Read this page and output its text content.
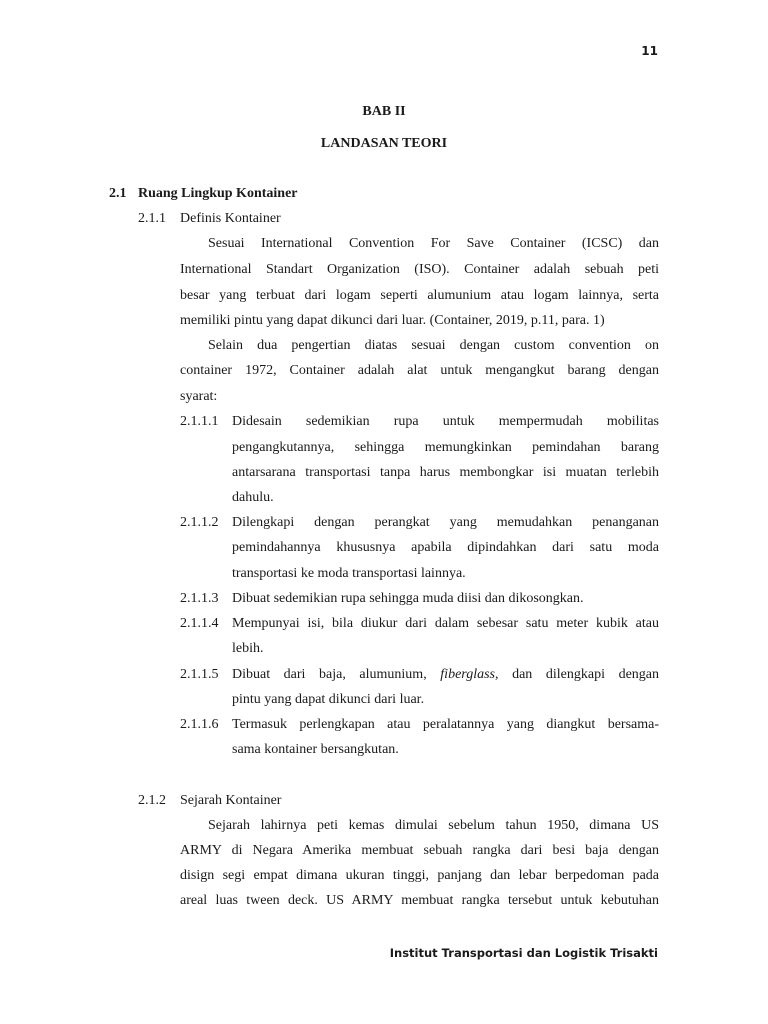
11
BAB II
LANDASAN TEORI
2.1 Ruang Lingkup Kontainer
2.1.1 Definis Kontainer
Sesuai International Convention For Save Container (ICSC) dan
International Standart Organization (ISO). Container adalah sebuah peti
besar yang terbuat dari logam seperti alumunium atau logam lainnya, serta
memiliki pintu yang dapat dikunci dari luar. (Container, 2019, p.11, para. 1)
Selain dua pengertian diatas sesuai dengan custom convention on
container 1972, Container adalah alat untuk mengangkut barang dengan
syarat:
2.1.1.1 Didesain sedemikian rupa untuk mempermudah mobilitas
pengangkutannya, sehingga memungkinkan pemindahan barang
antarsarana transportasi tanpa harus membongkar isi muatan terlebih
dahulu.
2.1.1.2 Dilengkapi dengan perangkat yang memudahkan penanganan
pemindahannya khususnya apabila dipindahkan dari satu moda
transportasi ke moda transportasi lainnya.
2.1.1.3 Dibuat sedemikian rupa sehingga muda diisi dan dikosongkan.
2.1.1.4 Mempunyai isi, bila diukur dari dalam sebesar satu meter kubik atau
lebih.
2.1.1.5 Dibuat dari baja, alumunium, fiberglass, dan dilengkapi dengan
pintu yang dapat dikunci dari luar.
2.1.1.6 Termasuk perlengkapan atau peralatannya yang diangkut bersama-
sama kontainer bersangkutan.
2.1.2 Sejarah Kontainer
Sejarah lahirnya peti kemas dimulai sebelum tahun 1950, dimana US
ARMY di Negara Amerika membuat sebuah rangka dari besi baja dengan
disign segi empat dimana ukuran tinggi, panjang dan lebar berpedoman pada
areal luas tween deck. US ARMY membuat rangka tersebut untuk kebutuhan
Institut Transportasi dan Logistik Trisakti
